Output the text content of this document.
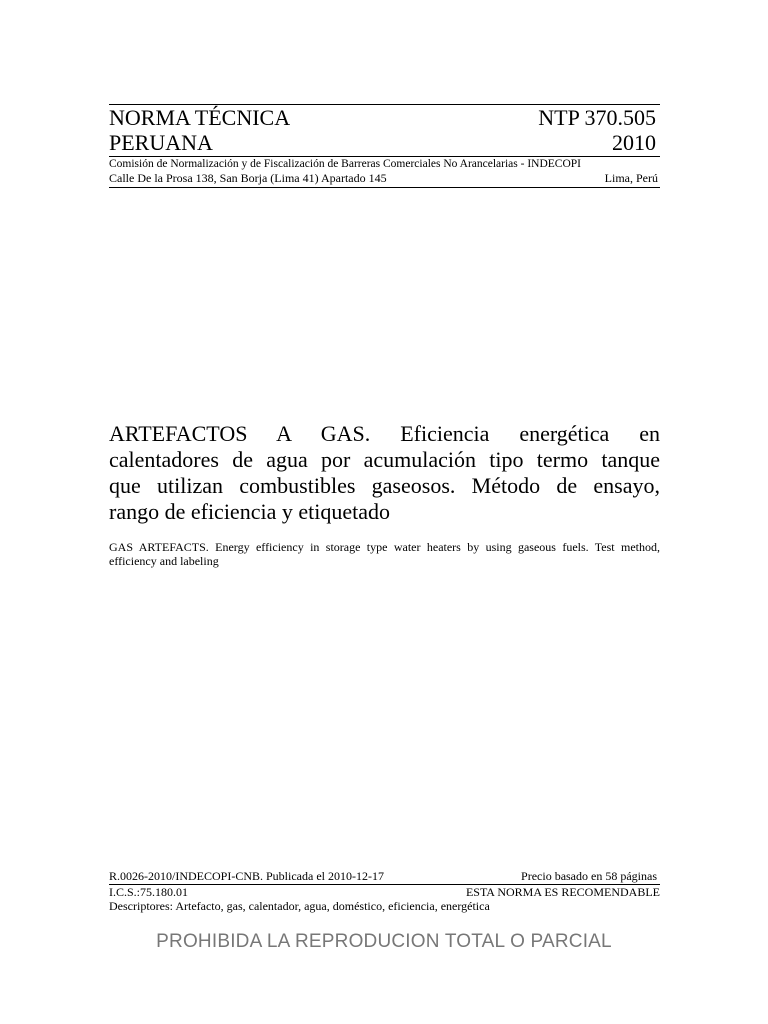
NORMA TÉCNICA	NTP 370.505
PERUANA	2010
Comisión de Normalización y de Fiscalización de Barreras Comerciales No Arancelarias - INDECOPI
Calle De la Prosa 138, San Borja (Lima 41) Apartado 145	Lima, Perú
ARTEFACTOS A GAS. Eficiencia energética en
calentadores de agua por acumulación tipo termo tanque
que utilizan combustibles gaseosos. Método de ensayo,
rango de eficiencia y etiquetado
GAS ARTEFACTS. Energy efficiency in storage type water heaters by using gaseous fuels. Test method,
efficiency and labeling
R.0026-2010/INDECOPI-CNB. Publicada el 2010-12-17	Precio basado en 58 páginas
I.C.S.:75.180.01	ESTA NORMA ES RECOMENDABLE
Descriptores: Artefacto, gas, calentador, agua, doméstico, eficiencia, energética
PROHIBIDA LA REPRODUCION TOTAL O PARCIAL
